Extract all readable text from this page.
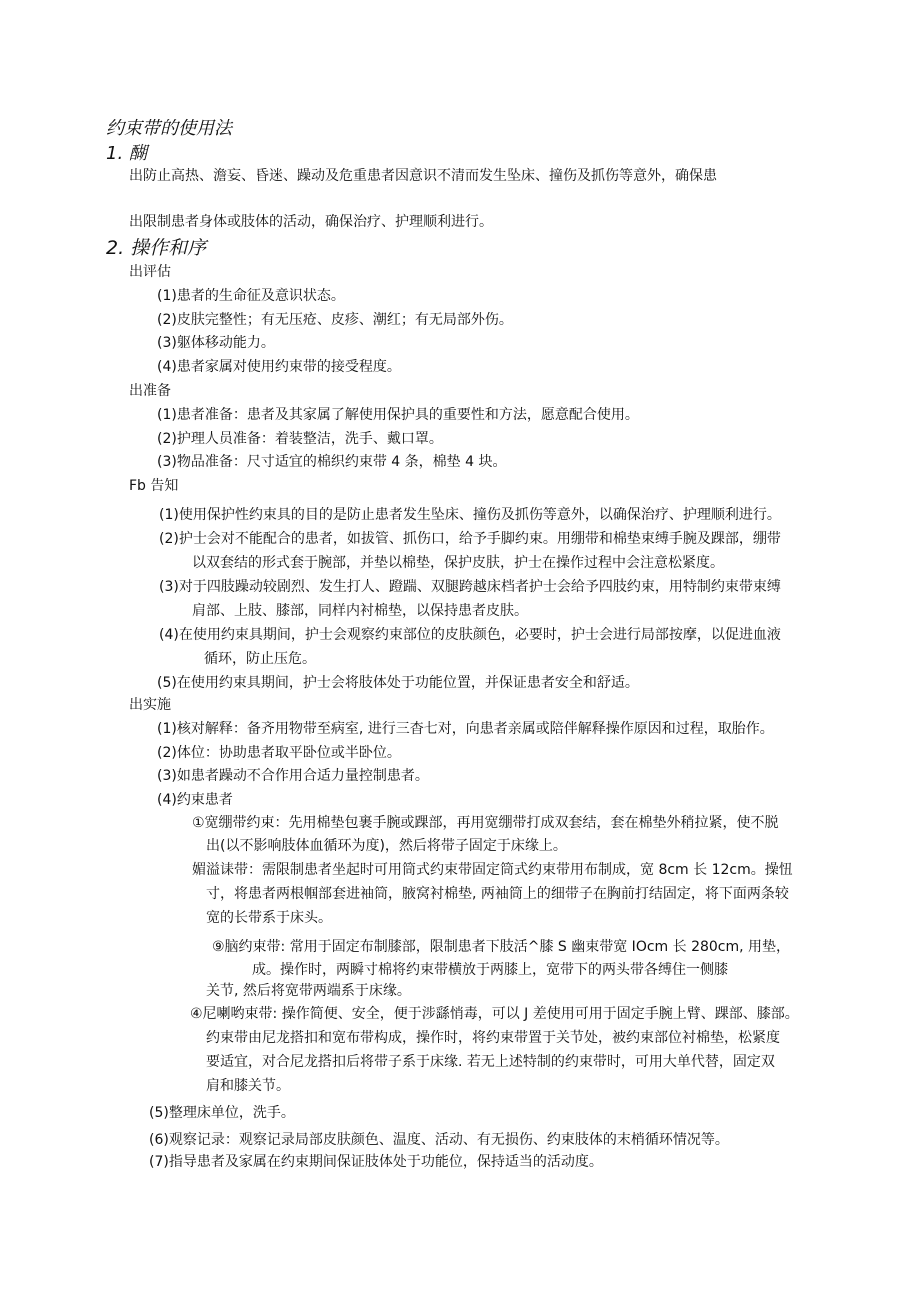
约束带的使用法
1. 醐
出防止高热、澹妄、昏迷、躁动及危重患者因意识不清而发生坠床、撞伤及抓伤等意外，确保患
出限制患者身体或肢体的活动，确保治疗、护理顺利进行。
2. 操作和序
出评估
(1)患者的生命征及意识状态。
(2)皮肤完整性；有无压疮、皮疹、潮红；有无局部外伤。
(3)躯体移动能力。
(4)患者家属对使用约束带的接受程度。
出准备
(1)患者准备：患者及其家属了解使用保护具的重要性和方法，愿意配合使用。
(2)护理人员准备：着装整洁，洗手、戴口罩。
(3)物品准备：尺寸适宜的棉织约束带 4 条，棉垫 4 块。
Fb 告知
(1)使用保护性约束具的目的是防止患者发生坠床、撞伤及抓伤等意外，以确保治疗、护理顺利进行。
(2)护士会对不能配合的患者，如拔管、抓伤口，给予手脚约束。用绷带和棉垫束缚手腕及踝部，绷带
以双套结的形式套于腕部，并垫以棉垫，保护皮肤，护士在操作过程中会注意松紧度。
(3)对于四肢躁动较剧烈、发生打人、蹬踹、双腿跨越床档者护士会给予四肢约束，用特制约束带束缚
肩部、上肢、膝部，同样内衬棉垫，以保持患者皮肤。
(4)在使用约束具期间，护士会观察约束部位的皮肤颜色，必要时，护士会进行局部按摩，以促进血液
循环，防止压危。
(5)在使用约束具期间，护士会将肢体处于功能位置，并保证患者安全和舒适。
出实施
(1)核对解释：备齐用物带至病室, 进行三杳七对，向患者亲属或陪伴解释操作原因和过程，取胎作。
(2)体位：协助患者取平卧位或半卧位。
(3)如患者躁动不合作用合适力量控制患者。
(4)约束患者
①宽绷带约束：先用棉垫包裹手腕或踝部，再用宽绷带打成双套结，套在棉垫外稍拉紧，使不脱
出(以不影响肢体血循环为度)，然后将带子固定于床缘上。
媚溢诔带：需限制患者坐起时可用筒式约束带固定筒式约束带用布制成，宽 8cm 长 12cm。操忸
寸，将患者两根帼部套进袖筒，腋窝衬棉垫, 两袖筒上的细带子在胸前打结固定，将下面两条较
宽的长带系于床头。
⑨脑约束带: 常用于固定布制膝部，限制患者下肢活^膝 S 幽束带宽 IOcm 长 280cm, 用垫，
成。操作时，两瞬寸棉将约束带横放于两膝上，宽带下的两头带各缚住一侧膝
关节, 然后将宽带两端系于床缘。
④尼喇哟束带: 操作简便、安全，便于涉繇悄毒，可以 J 差使用可用于固定手腕上臂、踝部、膝部。
约束带由尼龙搭扣和宽布带构成，操作时，将约束带置于关节处，被约束部位衬棉垫，松紧度
要适宜，对合尼龙搭扣后将带子系于床缘. 若无上述特制的约束带时，可用大单代替，固定双
肩和膝关节。
(5)整理床单位，洗手。
(6)观察记录：观察记录局部皮肤颜色、温度、活动、有无损伤、约束肢体的末梢循环情况等。
(7)指导患者及家属在约束期间保证肢体处于功能位，保持适当的活动度。
